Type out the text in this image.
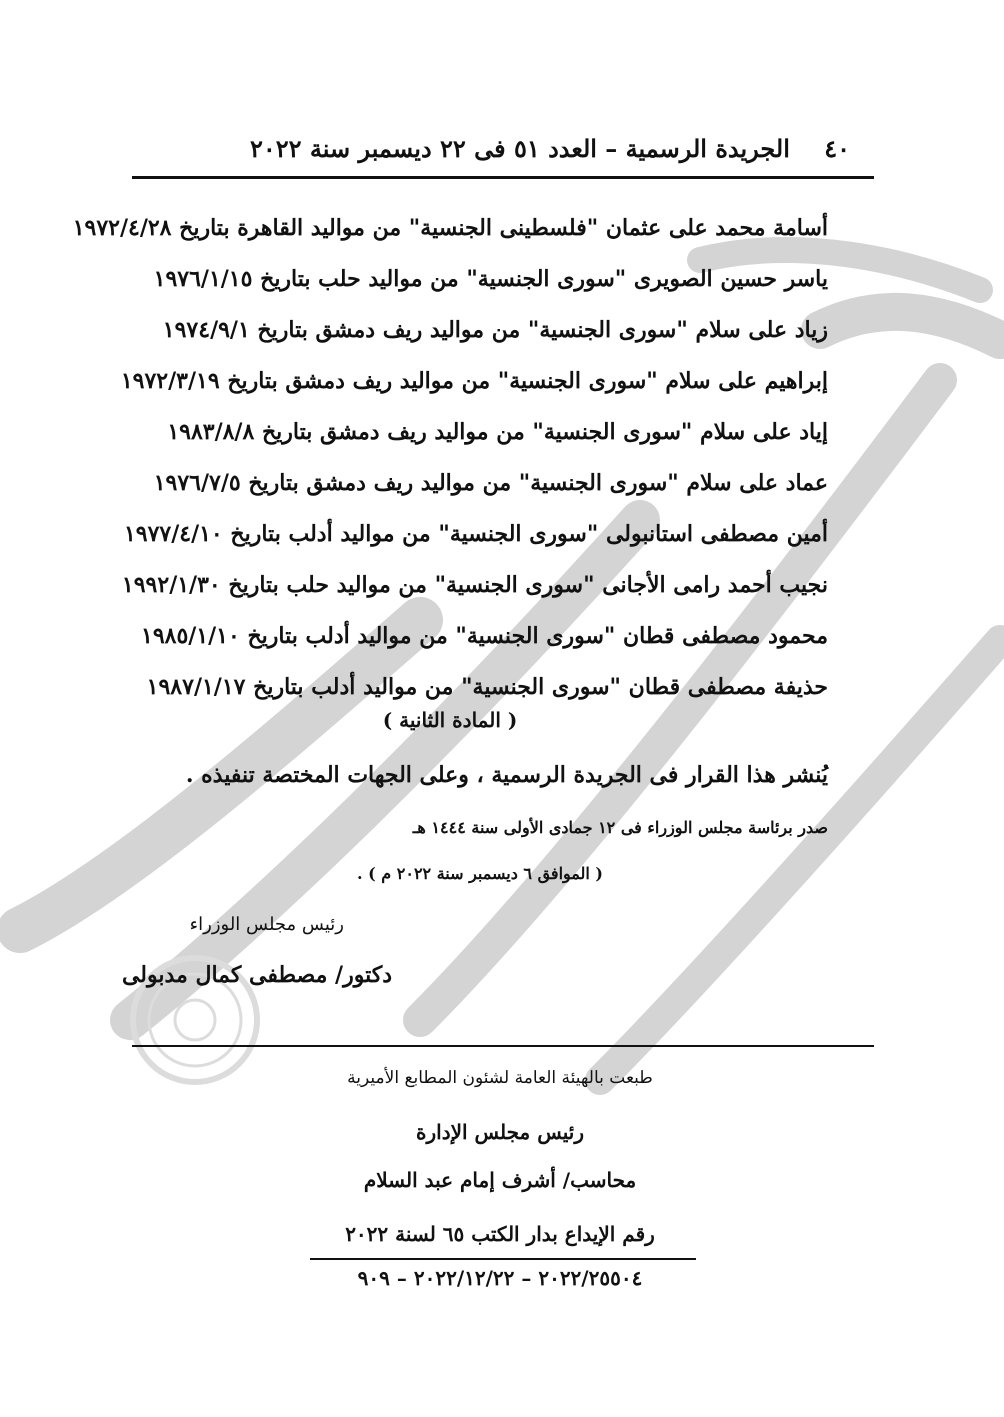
٤٠
الجريدة الرسمية – العدد ٥١ فى ٢٢ ديسمبر سنة ٢٠٢٢
أسامة محمد على عثمان "فلسطينى الجنسية" من مواليد القاهرة بتاريخ ١٩٧٢/٤/٢٨
ياسر حسين الصويرى "سورى الجنسية" من مواليد حلب بتاريخ ١٩٧٦/١/١٥
زياد على سلام "سورى الجنسية" من مواليد ريف دمشق بتاريخ ١٩٧٤/٩/١
إبراهيم على سلام "سورى الجنسية" من مواليد ريف دمشق بتاريخ ١٩٧٢/٣/١٩
إياد على سلام "سورى الجنسية" من مواليد ريف دمشق بتاريخ ١٩٨٣/٨/٨
عماد على سلام "سورى الجنسية" من مواليد ريف دمشق بتاريخ ١٩٧٦/٧/٥
أمين مصطفى استانبولى "سورى الجنسية" من مواليد أدلب بتاريخ ١٩٧٧/٤/١٠
نجيب أحمد رامى الأجانى "سورى الجنسية" من مواليد حلب بتاريخ ١٩٩٢/١/٣٠
محمود مصطفى قطان "سورى الجنسية" من مواليد أدلب بتاريخ ١٩٨٥/١/١٠
حذيفة مصطفى قطان "سورى الجنسية" من مواليد أدلب بتاريخ ١٩٨٧/١/١٧
( المادة الثانية )
يُنشر هذا القرار فى الجريدة الرسمية ، وعلى الجهات المختصة تنفيذه .
صدر برئاسة مجلس الوزراء فى ١٢ جمادى الأولى سنة ١٤٤٤ هـ
( الموافق ٦ ديسمبر سنة ٢٠٢٢ م ) .
رئيس مجلس الوزراء
دكتور/ مصطفى كمال مدبولى
طبعت بالهيئة العامة لشئون المطابع الأميرية
رئيس مجلس الإدارة
محاسب/ أشرف إمام عبد السلام
رقم الإيداع بدار الكتب ٦٥ لسنة ٢٠٢٢
٢٠٢٢/٢٥٥٠٤ – ٢٠٢٢/١٢/٢٢ – ٩٠٩
